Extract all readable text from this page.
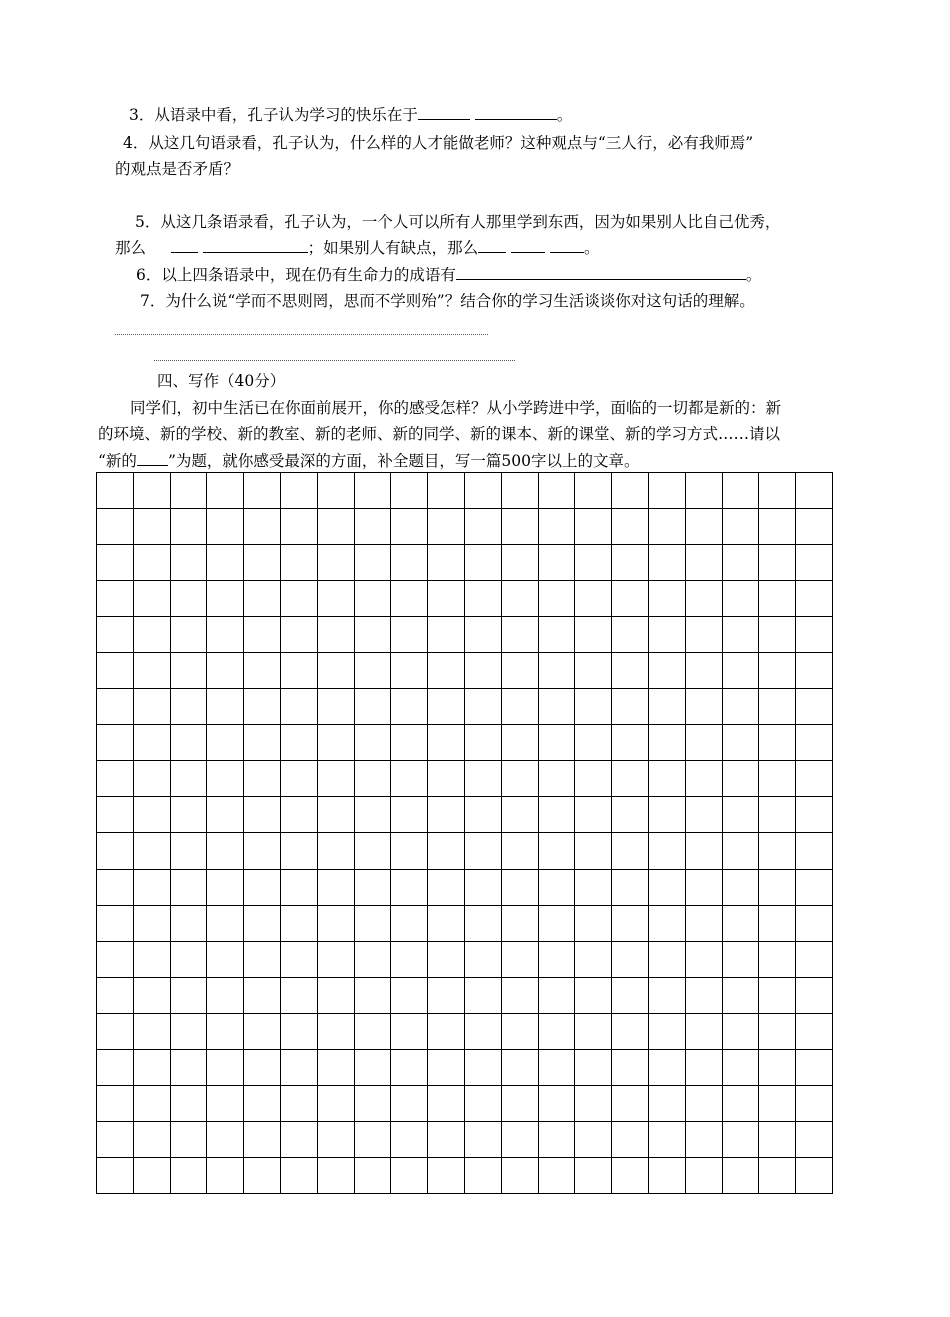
3．从语录中看，孔子认为学习的快乐在于	。
4．从这几句语录看，孔子认为，什么样的人才能做老师？这种观点与“三人行，必有我师焉”
的观点是否矛盾？
5．从这几条语录看，孔子认为，一个人可以所有人那里学到东西，因为如果别人比自己优秀，
那么	；如果别人有缺点，那么	。
6．以上四条语录中，现在仍有生命力的成语有	。
7．为什么说“学而不思则罔，思而不学则殆”？结合你的学习生活谈谈你对这句话的理解。
四、写作（40分）
同学们，初中生活已在你面前展开，你的感受怎样？从小学跨进中学，面临的一切都是新的：新
的环境、新的学校、新的教室、新的老师、新的同学、新的课本、新的课堂、新的学习方式……请以
“新的 ”为题，就你感受最深的方面，补全题目，写一篇500字以上的文章。
